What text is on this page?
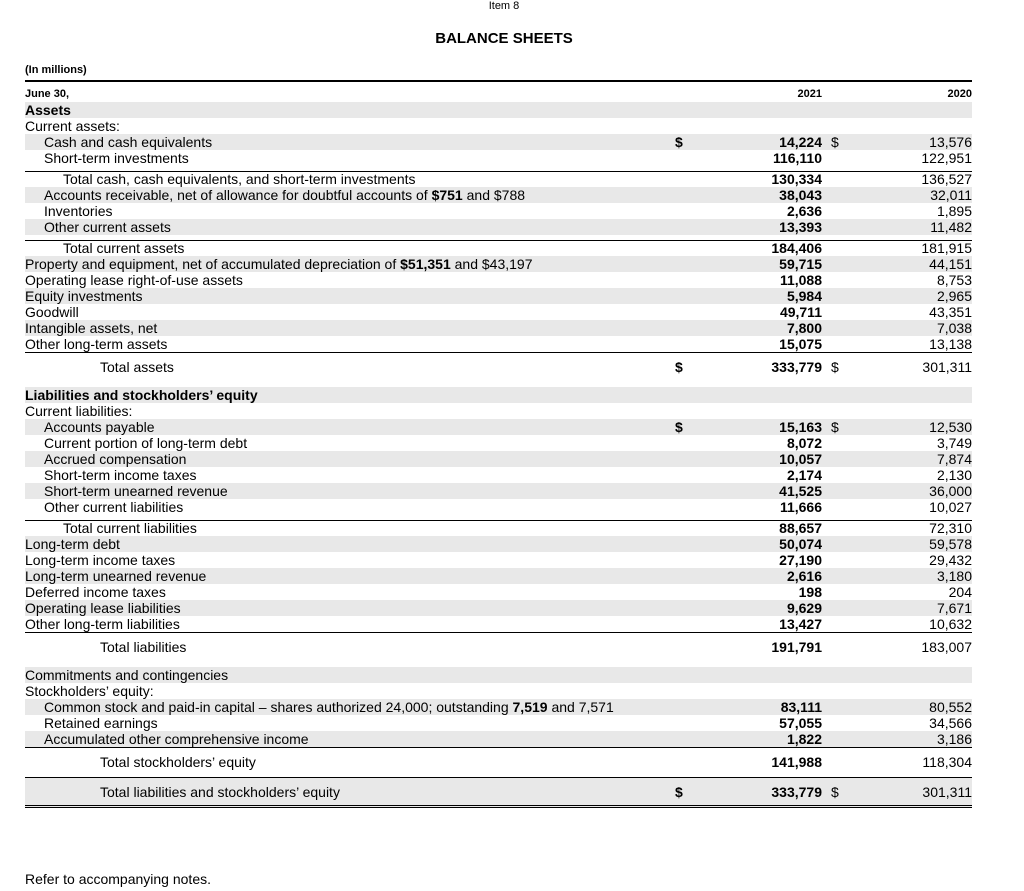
Item 8
BALANCE SHEETS
(In millions)
June 30,	2021	2020
Assets
Current assets:
Cash and cash equivalents	$	14,224 $	13,576
Short-term investments	116,110	122,951
Total cash, cash equivalents, and short-term investments	130,334	136,527
Accounts receivable, net of allowance for doubtful accounts of $751 and $788	38,043	32,011
Inventories	2,636	1,895
Other current assets	13,393	11,482
Total current assets	184,406	181,915
Property and equipment, net of accumulated depreciation of $51,351 and $43,197	59,715	44,151
Operating lease right-of-use assets	11,088	8,753
Equity investments	5,984	2,965
Goodwill	49,711	43,351
Intangible assets, net	7,800	7,038
Other long-term assets	15,075	13,138
Total assets	$	333,779 $	301,311
Liabilities and stockholders’ equity
Current liabilities:
Accounts payable	$	15,163 $	12,530
Current portion of long-term debt	8,072	3,749
Accrued compensation	10,057	7,874
Short-term income taxes	2,174	2,130
Short-term unearned revenue	41,525	36,000
Other current liabilities	11,666	10,027
Total current liabilities	88,657	72,310
Long-term debt	50,074	59,578
Long-term income taxes	27,190	29,432
Long-term unearned revenue	2,616	3,180
Deferred income taxes	198	204
Operating lease liabilities	9,629	7,671
Other long-term liabilities	13,427	10,632
Total liabilities	191,791	183,007
Commitments and contingencies
Stockholders’ equity:
Common stock and paid-in capital – shares authorized 24,000; outstanding 7,519 and 7,571	83,111	80,552
Retained earnings	57,055	34,566
Accumulated other comprehensive income	1,822	3,186
Total stockholders’ equity	141,988	118,304
Total liabilities and stockholders’ equity	$	333,779 $	301,311
Refer to accompanying notes.
